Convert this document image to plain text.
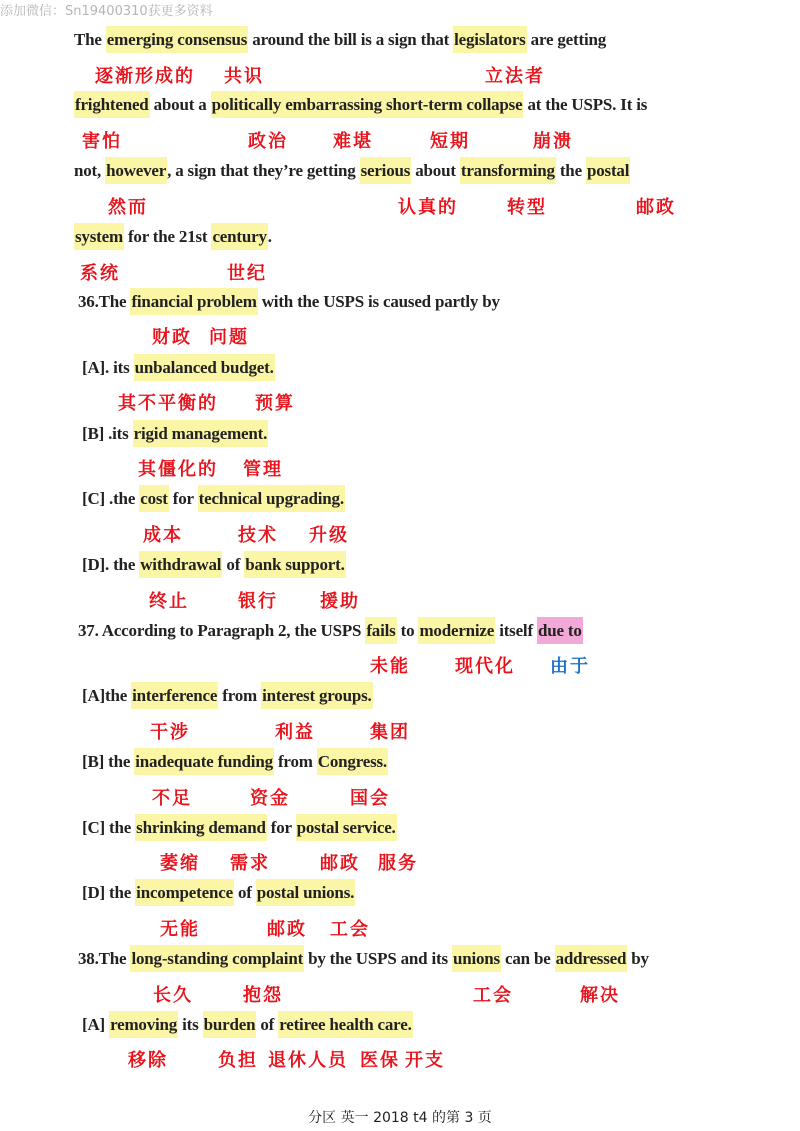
添加微信：Sn19400310获更多资料
The emerging consensus around the bill is a sign that legislators are getting
逐渐形成的 共识	立法者
frightened about a politically embarrassing short-term collapse at the USPS. It is
害怕	政治	难堪	短期	崩溃
not, however, a sign that they’re getting serious about transforming the postal
然而	认真的	转型	邮政
system for the 21st century.
系统	世纪
36.The financial problem with the USPS is caused partly by
财政 问题
[A]. its unbalanced budget.
其不平衡的 预算
[B] .its rigid management.
其僵化的 管理
[C] .the cost for technical upgrading.
成本	技术 升级
[D]. the withdrawal of bank support.
终止	银行 援助
37. According to Paragraph 2, the USPS fails to modernize itself due to
未能	现代化 由于
[A]the interference from interest groups.
干涉	利益	集团
[B] the inadequate funding from Congress.
不足	资金	国会
[C] the shrinking demand for postal service.
萎缩 需求	邮政 服务
[D] the incompetence of postal unions.
无能	邮政 工会
38.The long-standing complaint by the USPS and its unions can be addressed by
长久	抱怨	工会	解决
[A] removing its burden of retiree health care.
移除	负担 退休人员 医保 开支
分区 英一 2018 t4 的第 3 页
